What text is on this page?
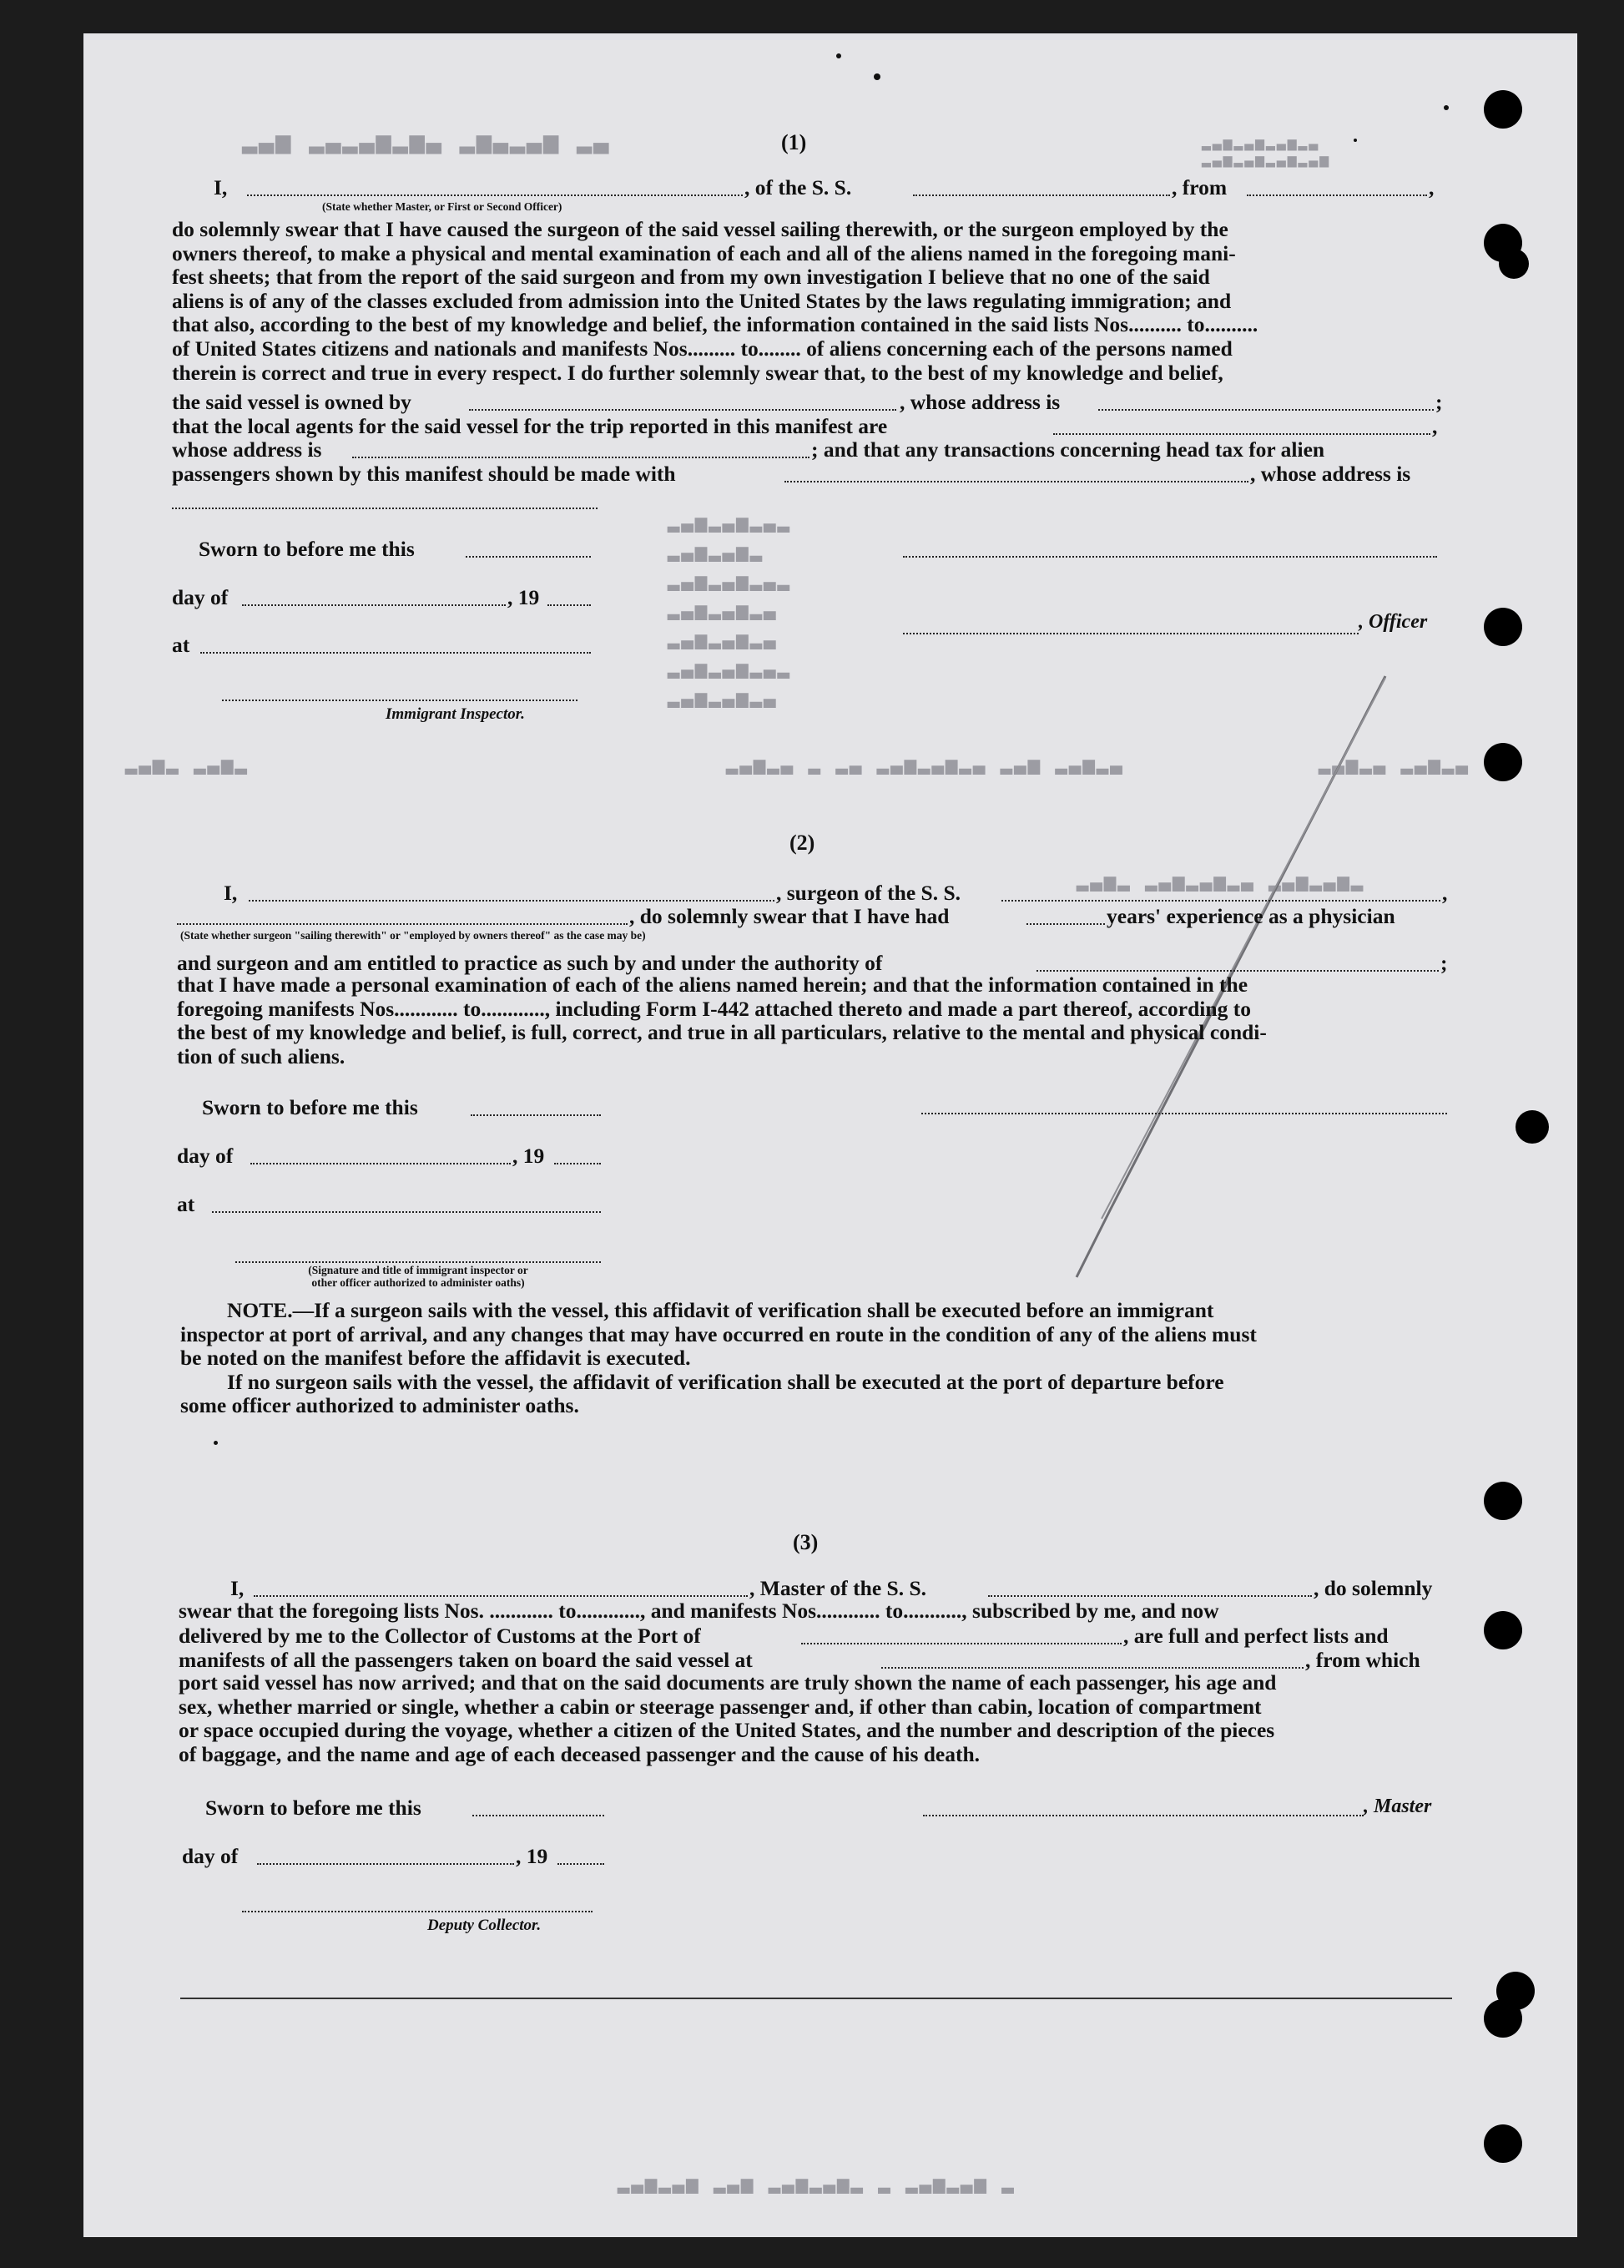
▂▃▅ ▂▃▂▃▅▂▅▃ ▂▅▃▂▃▅ ▂▃
▂▃▅▂▃▅▂▃▂
▂▃▅▂▃▅▂
▂▃▅▂▃▅▂▃▂
▂▃▅▂▃▅▂▃
▂▃▅▂▃▅▂▃
▂▃▅▂▃▅▂▃▂
▂▃▅▂▃▅▂▃
▂▃▅▂▃▅▂▃▅▂▃
▂▃▅▂▃▅▂▃▅▂▃▅
▂▃▅▂ ▂▃▅▂	▂▃▅▂▃ ▂ ▂▃ ▂▃▅▂▃▅▂▃ ▂▃▅ ▂▃▅▂▃	▂▃▅▂▃ ▂▃▅▂▃
▂▃▅▂ ▂▃▅▂▃▅▂▃ ▂▃▅▂▃▅▂
▂▃▅▂▃▅ ▂▃▅ ▂▃▅▂▃▅▂ ▂ ▂▃▅▂▃▅ ▂
(1)
I,	, of the S. S.	, from	,
(State whether Master, or First or Second Officer)
do solemnly swear that I have caused the surgeon of the said vessel sailing therewith, or the surgeon employed by the
owners thereof, to make a physical and mental examination of each and all of the aliens named in the foregoing mani-
fest sheets; that from the report of the said surgeon and from my own investigation I believe that no one of the said
aliens is of any of the classes excluded from admission into the United States by the laws regulating immigration; and
that also, according to the best of my knowledge and belief, the information contained in the said lists Nos.......... to..........
of United States citizens and nationals and manifests Nos......... to........ of aliens concerning each of the persons named
therein is correct and true in every respect. I do further solemnly swear that, to the best of my knowledge and belief,
the said vessel is owned by	, whose address is	;
that the local agents for the said vessel for the trip reported in this manifest are	,
whose address is	; and that any transactions concerning head tax for alien
passengers shown by this manifest should be made with	, whose address is
Sworn to before me this
day of	, 19
at
, Officer
Immigrant Inspector.
(2)
I,	, surgeon of the S. S.	,
, do solemnly swear that I have had	years' experience as a physician
(State whether surgeon "sailing therewith" or "employed by owners thereof" as the case may be)
and surgeon and am entitled to practice as such by and under the authority of	;
that I have made a personal examination of each of the aliens named herein; and that the information contained in the
foregoing manifests Nos............ to............, including Form I-442 attached thereto and made a part thereof, according to
the best of my knowledge and belief, is full, correct, and true in all particulars, relative to the mental and physical condi-
tion of such aliens.
Sworn to before me this
day of	, 19
at
(Signature and title of immigrant inspector or
other officer authorized to administer oaths)
NOTE.—If a surgeon sails with the vessel, this affidavit of verification shall be executed before an immigrant
inspector at port of arrival, and any changes that may have occurred en route in the condition of any of the aliens must
be noted on the manifest before the affidavit is executed.
If no surgeon sails with the vessel, the affidavit of verification shall be executed at the port of departure before
some officer authorized to administer oaths.
(3)
I,	, Master of the S. S.	, do solemnly
swear that the foregoing lists Nos. ............ to............, and manifests Nos............ to..........., subscribed by me, and now
delivered by me to the Collector of Customs at the Port of	, are full and perfect lists and
manifests of all the passengers taken on board the said vessel at	, from which
port said vessel has now arrived; and that on the said documents are truly shown the name of each passenger, his age and
sex, whether married or single, whether a cabin or steerage passenger and, if other than cabin, location of compartment
or space occupied during the voyage, whether a citizen of the United States, and the number and description of the pieces
of baggage, and the name and age of each deceased passenger and the cause of his death.
Sworn to before me this	, Master
day of	, 19
Deputy Collector.
